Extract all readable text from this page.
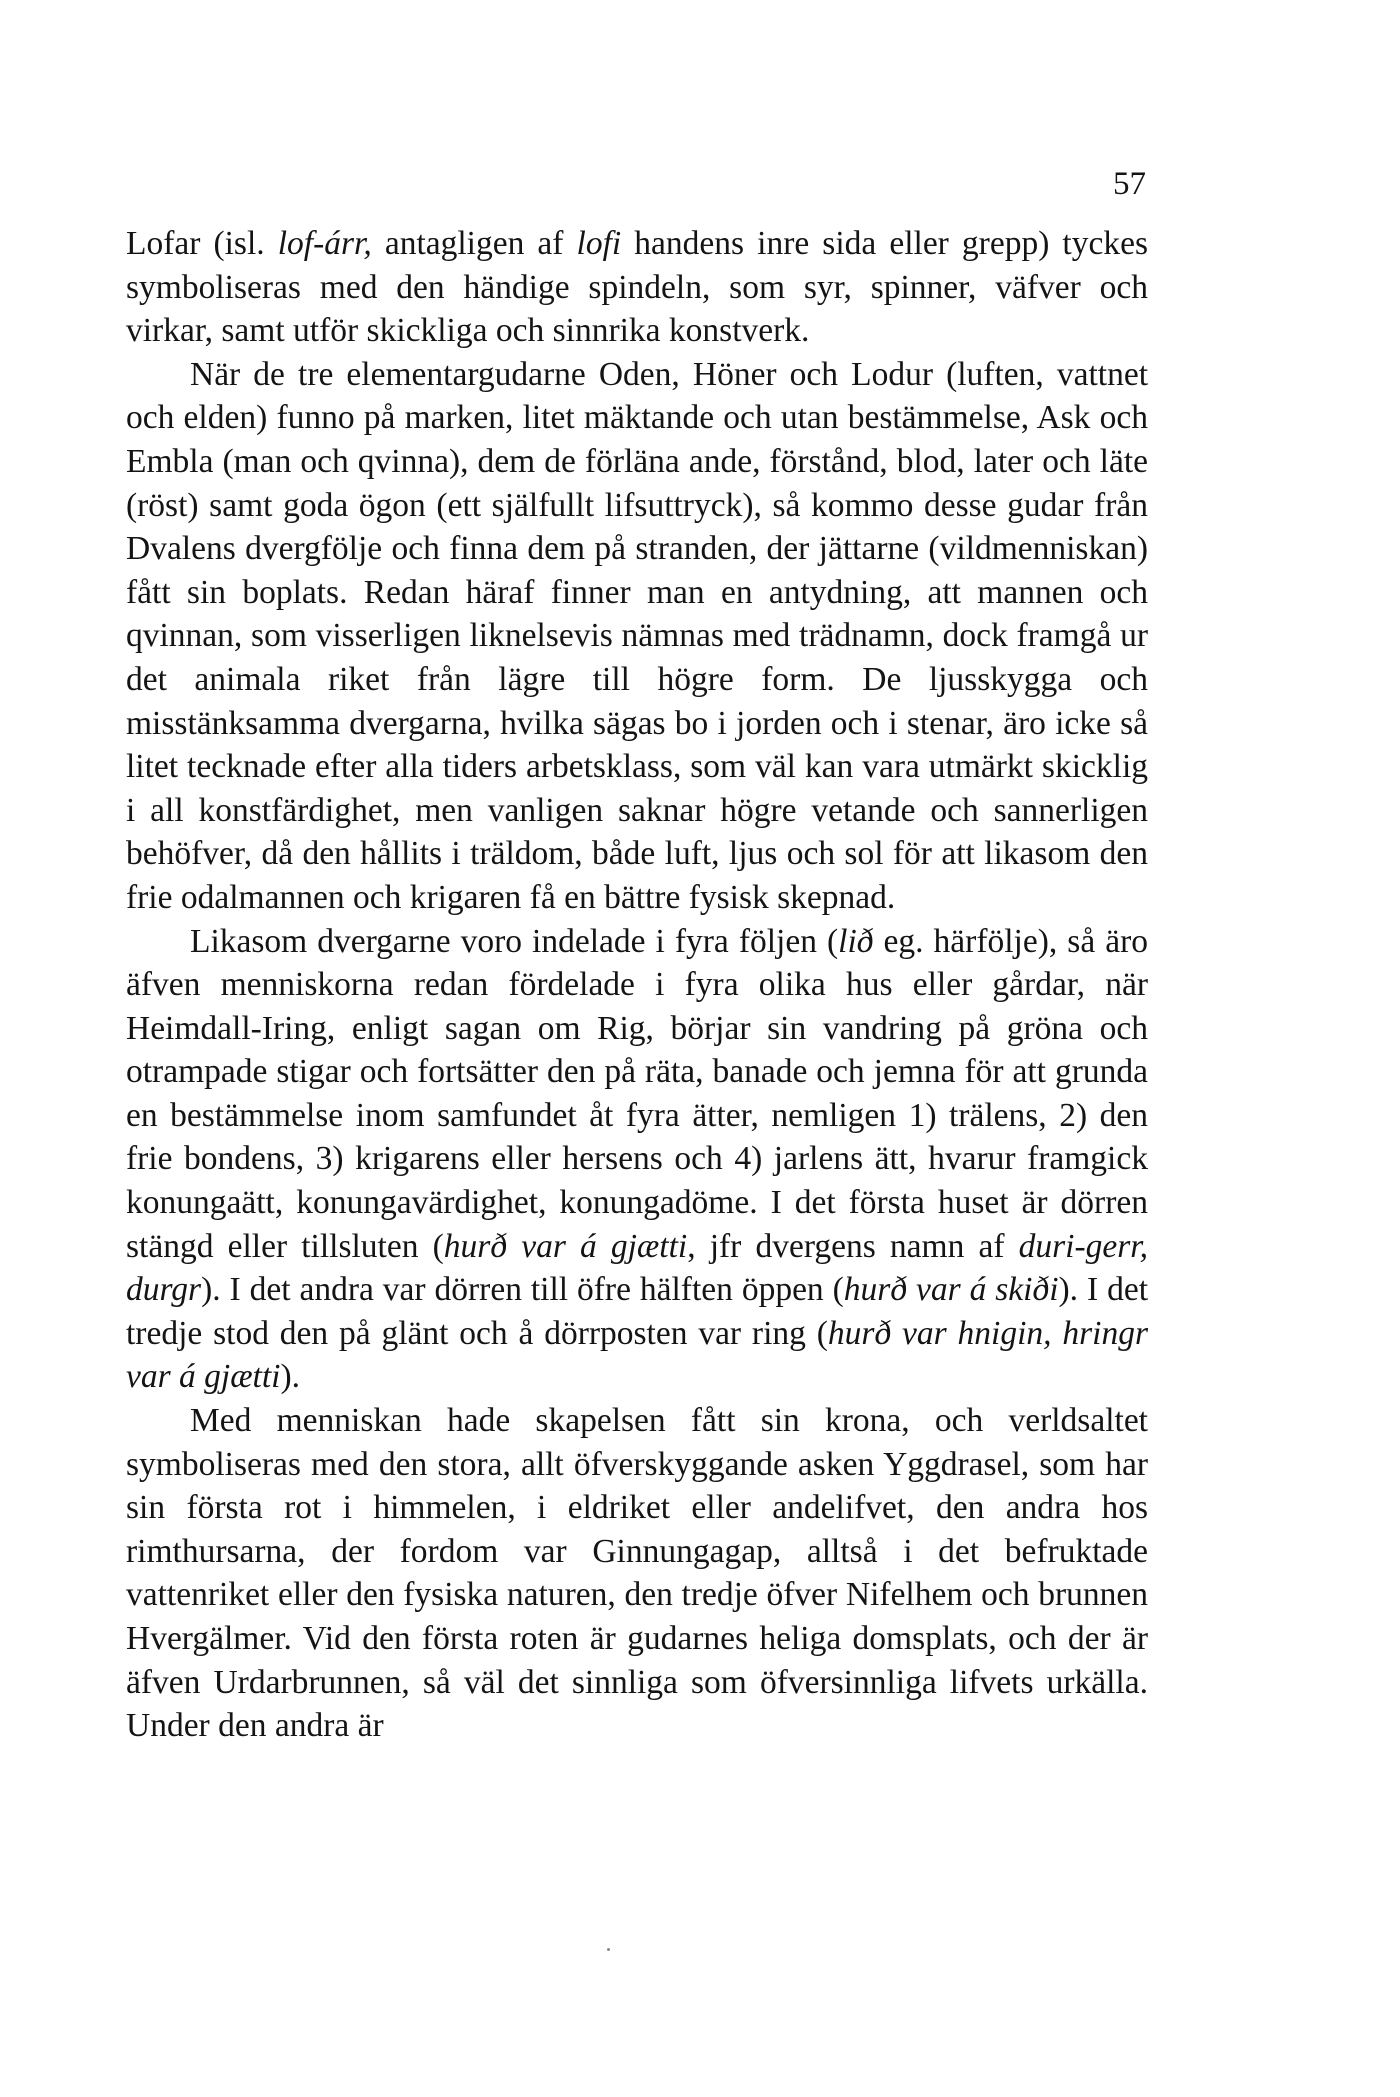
57

Lofar (isl. lof-árr, antagligen af lofi handens inre sida eller grepp) tyckes symboliseras med den händige spindeln, som syr, spinner, väfver och virkar, samt utför skickliga och sinnrika konstverk.

När de tre elementargudarne Oden, Höner och Lodur (luften, vattnet och elden) funno på marken, litet mäktande och utan bestämmelse, Ask och Embla (man och qvinna), dem de förläna ande, förstånd, blod, later och läte (röst) samt goda ögon (ett själfullt lifsuttryck), så kommo desse gudar från Dvalens dvergfölje och finna dem på stranden, der jättarne (vildmenniskan) fått sin boplats. Redan häraf finner man en antydning, att mannen och qvinnan, som visserligen liknelsevis nämnas med trädnamn, dock framgå ur det animala riket från lägre till högre form. De ljusskygga och misstänksamma dvergarna, hvilka sägas bo i jorden och i stenar, äro icke så litet tecknade efter alla tiders arbetsklass, som väl kan vara utmärkt skicklig i all konstfärdighet, men vanligen saknar högre vetande och sannerligen behöfver, då den hållits i träldom, både luft, ljus och sol för att likasom den frie odalmannen och krigaren få en bättre fysisk skepnad.

Likasom dvergarne voro indelade i fyra följen (lið eg. härfölje), så äro äfven menniskorna redan fördelade i fyra olika hus eller gårdar, när Heimdall-Iring, enligt sagan om Rig, börjar sin vandring på gröna och otrampade stigar och fortsätter den på räta, banade och jemna för att grunda en bestämmelse inom samfundet åt fyra ätter, nemligen 1) trälens, 2) den frie bondens, 3) krigarens eller hersens och 4) jarlens ätt, hvarur framgick konungaätt, konungavärdighet, konungadöme. I det första huset är dörren stängd eller tillsluten (hurð var á gjætti, jfr dvergens namn af duri-gerr, durgr). I det andra var dörren till öfre hälften öppen (hurð var á skiði). I det tredje stod den på glänt och å dörrposten var ring (hurð var hnigin, hringr var á gjætti).

Med menniskan hade skapelsen fått sin krona, och verldsaltet symboliseras med den stora, allt öfverskyggande asken Yggdrasel, som har sin första rot i himmelen, i eldriket eller andelifvet, den andra hos rimthursarna, der fordom var Ginnungagap, alltså i det befruktade vattenriket eller den fysiska naturen, den tredje öfver Nifelhem och brunnen Hvergälmer. Vid den första roten är gudarnes heliga domsplats, och der är äfven Urdarbrunnen, så väl det sinnliga som öfversinnliga lifvets urkälla. Under den andra är
